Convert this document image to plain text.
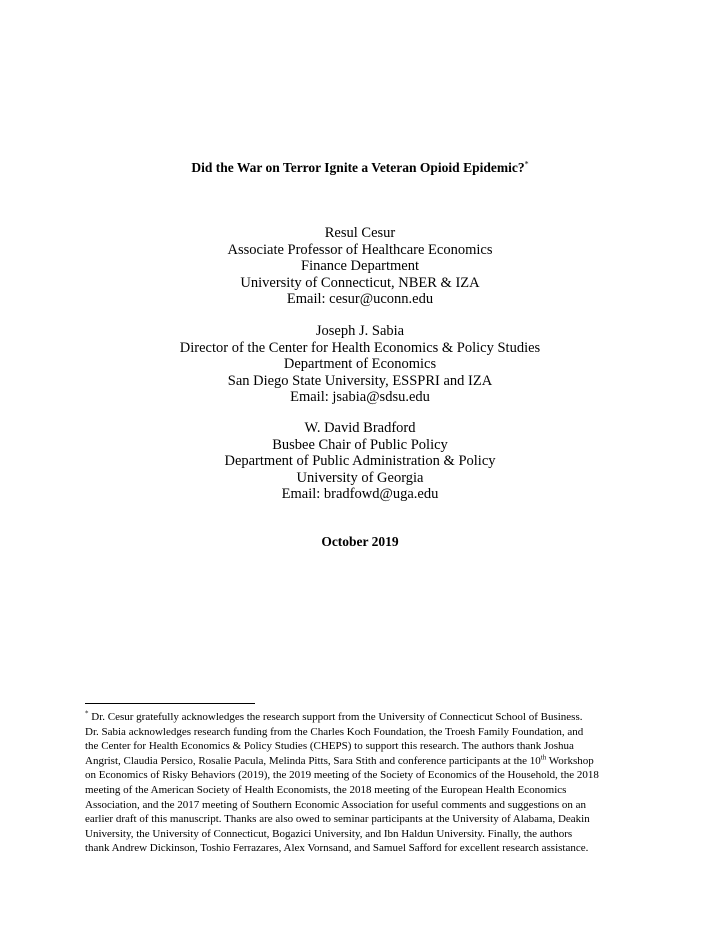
Did the War on Terror Ignite a Veteran Opioid Epidemic?*
Resul Cesur
Associate Professor of Healthcare Economics
Finance Department
University of Connecticut, NBER & IZA
Email: cesur@uconn.edu
Joseph J. Sabia
Director of the Center for Health Economics & Policy Studies
Department of Economics
San Diego State University, ESSPRI and IZA
Email: jsabia@sdsu.edu
W. David Bradford
Busbee Chair of Public Policy
Department of Public Administration & Policy
University of Georgia
Email: bradfowd@uga.edu
October 2019
* Dr. Cesur gratefully acknowledges the research support from the University of Connecticut School of Business.
Dr. Sabia acknowledges research funding from the Charles Koch Foundation, the Troesh Family Foundation, and
the Center for Health Economics & Policy Studies (CHEPS) to support this research. The authors thank Joshua
Angrist, Claudia Persico, Rosalie Pacula, Melinda Pitts, Sara Stith and conference participants at the 10th Workshop
on Economics of Risky Behaviors (2019), the 2019 meeting of the Society of Economics of the Household, the 2018
meeting of the American Society of Health Economists, the 2018 meeting of the European Health Economics
Association, and the 2017 meeting of Southern Economic Association for useful comments and suggestions on an
earlier draft of this manuscript. Thanks are also owed to seminar participants at the University of Alabama, Deakin
University, the University of Connecticut, Bogazici University, and Ibn Haldun University. Finally, the authors
thank Andrew Dickinson, Toshio Ferrazares, Alex Vornsand, and Samuel Safford for excellent research assistance.
